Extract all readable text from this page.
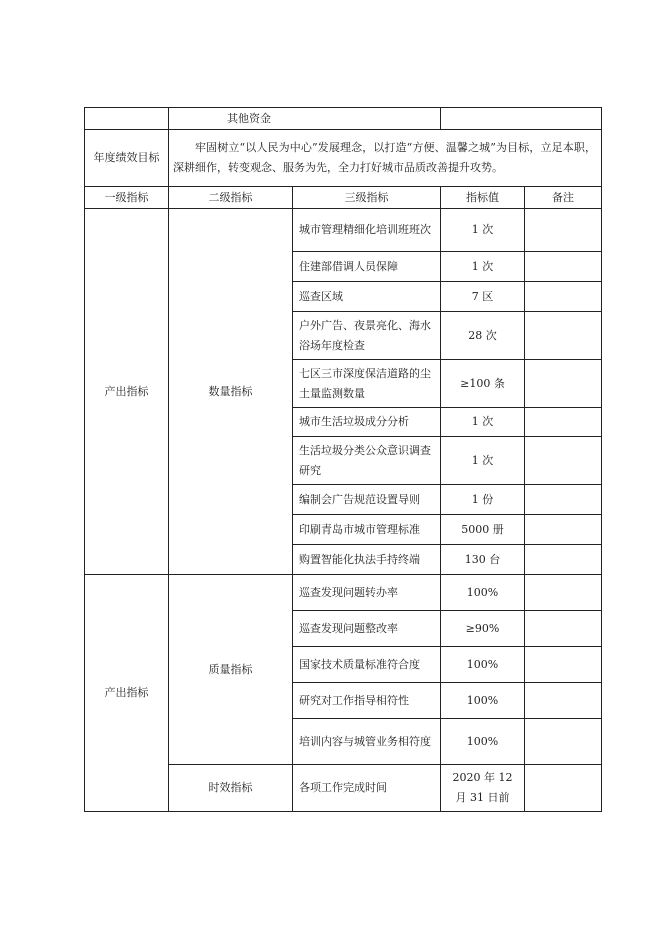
	其他资金			
年度绩效目标	牢固树立“以人民为中心”发展理念，以打造“方便、温馨之城”为目标，立足本职，深耕细作，转变观念、服务为先，全力打好城市品质改善提升攻势。			
一级指标	二级指标	三级指标	指标值	备注
产出指标	数量指标	城市管理精细化培训班班次	1 次	
		住建部借调人员保障	1 次	
		巡查区域	7 区	
		户外广告、夜景亮化、海水浴场年度检查	28 次	
		七区三市深度保洁道路的尘土量监测数量	≥100 条	
		城市生活垃圾成分分析	1 次	
		生活垃圾分类公众意识调查研究	1 次	
		编制会广告规范设置导则	1 份	
		印刷青岛市城市管理标准	5000 册	
		购置智能化执法手持终端	130 台	
产出指标	质量指标	巡查发现问题转办率	100%	
		巡查发现问题整改率	≥90%	
		国家技术质量标准符合度	100%	
		研究对工作指导相符性	100%	
		培训内容与城管业务相符度	100%	
	时效指标	各项工作完成时间	2020 年 12 月 31 日前	
